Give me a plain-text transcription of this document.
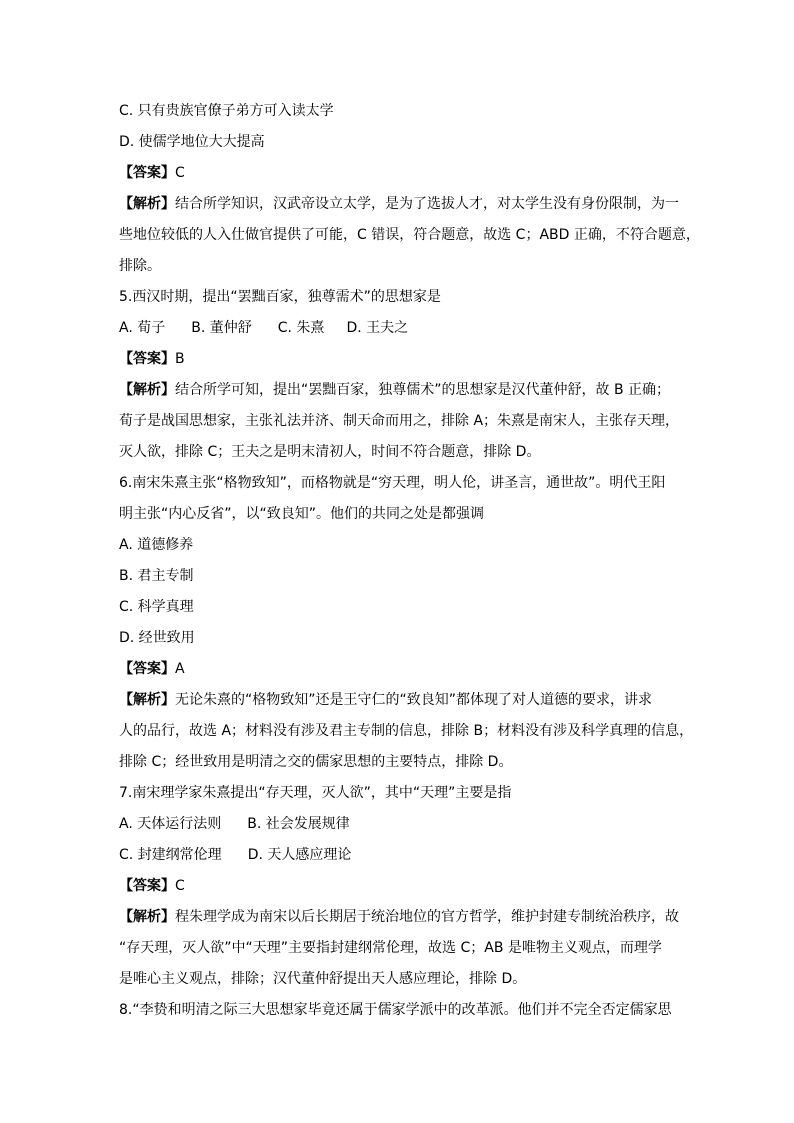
C. 只有贵族官僚子弟方可入读太学
D. 使儒学地位大大提高
【答案】C
【解析】结合所学知识，汉武帝设立太学，是为了选拔人才，对太学生没有身份限制，为一
些地位较低的人入仕做官提供了可能，C 错误，符合题意，故选 C；ABD 正确，不符合题意，
排除。
5.西汉时期，提出“罢黜百家，独尊需术”的思想家是
A. 荀子 B. 董仲舒 C. 朱熹 D. 王夫之
【答案】B
【解析】结合所学可知，提出“罢黜百家，独尊儒术”的思想家是汉代董仲舒，故 B 正确；
荀子是战国思想家，主张礼法并济、制天命而用之，排除 A；朱熹是南宋人，主张存天理，
灭人欲，排除 C；王夫之是明末清初人，时间不符合题意，排除 D。
6.南宋朱熹主张“格物致知”，而格物就是“穷天理，明人伦，讲圣言，通世故”。明代王阳
明主张“内心反省”，以“致良知”。他们的共同之处是都强调
A. 道德修养
B. 君主专制
C. 科学真理
D. 经世致用
【答案】A
【解析】无论朱熹的“格物致知”还是王守仁的“致良知”都体现了对人道德的要求，讲求
人的品行，故选 A；材料没有涉及君主专制的信息，排除 B；材料没有涉及科学真理的信息，
排除 C；经世致用是明清之交的儒家思想的主要特点，排除 D。
7.南宋理学家朱熹提出“存天理，灭人欲”，其中“天理”主要是指
A. 天体运行法则 B. 社会发展规律
C. 封建纲常伦理 D. 天人感应理论
【答案】C
【解析】程朱理学成为南宋以后长期居于统治地位的官方哲学，维护封建专制统治秩序，故
“存天理，灭人欲”中“天理”主要指封建纲常伦理，故选 C；AB 是唯物主义观点，而理学
是唯心主义观点，排除；汉代董仲舒提出天人感应理论，排除 D。
8.“李贽和明清之际三大思想家毕竟还属于儒家学派中的改革派。他们并不完全否定儒家思
